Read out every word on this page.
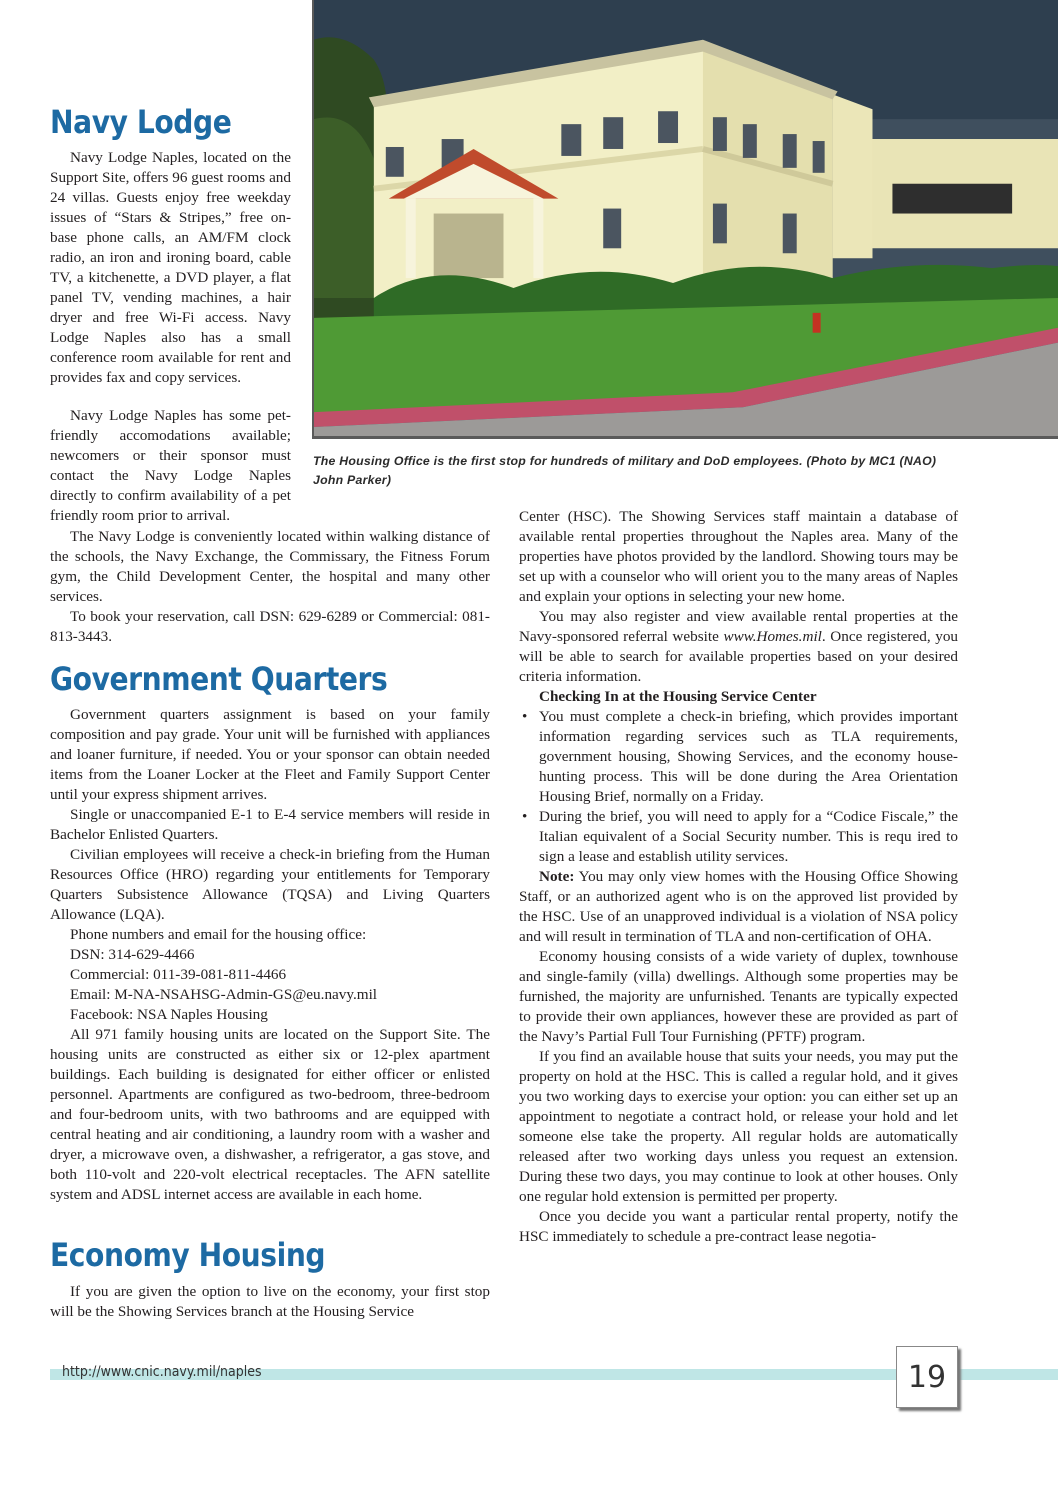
The Housing Office is the first stop for hundreds of military and DoD employees. (Photo by MC1 (NAO) John Parker)
Navy Lodge

Navy Lodge Naples, located on the Support Site, offers 96 guest rooms and 24 villas. Guests enjoy free weekday issues of “Stars & Stripes,” free on-base phone calls, an AM/FM clock radio, an iron and ironing board, cable TV, a kitchenette, a DVD player, a flat panel TV, vending machines, a hair dryer and free Wi-Fi access. Navy Lodge Naples also has a small conference room available for rent and provides fax and copy services.

Navy Lodge Naples has some pet-friendly accomodations available; newcomers or their sponsor must contact the Navy Lodge Naples directly to confirm availability of a pet friendly room prior to arrival.

The Navy Lodge is conveniently located within walking distance of the schools, the Navy Exchange, the Commissary, the Fitness Forum gym, the Child Development Center, the hospital and many other services.

To book your reservation, call DSN: 629-6289 or Commercial: 081-813-3443.

Government Quarters

Government quarters assignment is based on your family composition and pay grade. Your unit will be furnished with appliances and loaner furniture, if needed. You or your sponsor can obtain needed items from the Loaner Locker at the Fleet and Family Support Center until your express shipment arrives.

Single or unaccompanied E-1 to E-4 service members will reside in Bachelor Enlisted Quarters.

Civilian employees will receive a check-in briefing from the Human Resources Office (HRO) regarding your entitlements for Temporary Quarters Subsistence Allowance (TQSA) and Living Quarters Allowance (LQA).

Phone numbers and email for the housing office:

DSN: 314-629-4466

Commercial: 011-39-081-811-4466

Email: M-NA-NSAHSG-Admin-GS@eu.navy.mil

Facebook: NSA Naples Housing

All 971 family housing units are located on the Support Site. The housing units are constructed as either six or 12-plex apartment buildings. Each building is designated for either officer or enlisted personnel. Apartments are configured as two-bedroom, three-bedroom and four-bedroom units, with two bathrooms and are equipped with central heating and air conditioning, a laundry room with a washer and dryer, a microwave oven, a dishwasher, a refrigerator, a gas stove, and both 110-volt and 220-volt electrical receptacles. The AFN satellite system and ADSL internet access are available in each home.

Economy Housing

If you are given the option to live on the economy, your first stop will be the Showing Services branch at the Housing Service

Center (HSC). The Showing Services staff maintain a database of available rental properties throughout the Naples area. Many of the properties have photos provided by the landlord. Showing tours may be set up with a counselor who will orient you to the many areas of Naples and explain your options in selecting your new home.

You may also register and view available rental properties at the Navy-sponsored referral website www.Homes.mil. Once registered, you will be able to search for available properties based on your desired criteria information.

Checking In at the Housing Service Center

• You must complete a check-in briefing, which provides important information regarding services such as TLA requirements, government housing, Showing Services, and the economy house-hunting process. This will be done during the Area Orientation Housing Brief, normally on a Friday.
• During the brief, you will need to apply for a “Codice Fiscale,” the Italian equivalent of a Social Security number. This is requ ired to sign a lease and establish utility services.

Note: You may only view homes with the Housing Office Showing Staff, or an authorized agent who is on the approved list provided by the HSC. Use of an unapproved individual is a violation of NSA policy and will result in termination of TLA and non-certification of OHA.

Economy housing consists of a wide variety of duplex, townhouse and single-family (villa) dwellings. Although some properties may be furnished, the majority are unfurnished. Tenants are typically expected to provide their own appliances, however these are provided as part of the Navy’s Partial Full Tour Furnishing (PFTF) program.

If you find an available house that suits your needs, you may put the property on hold at the HSC. This is called a regular hold, and it gives you two working days to exercise your option: you can either set up an appointment to negotiate a contract hold, or release your hold and let someone else take the property. All regular holds are automatically released after two working days unless you request an extension. During these two days, you may continue to look at other houses. Only one regular hold extension is permitted per property.

Once you decide you want a particular rental property, notify the HSC immediately to schedule a pre-contract lease negotia-

http://www.cnic.navy.mil/naples	19
